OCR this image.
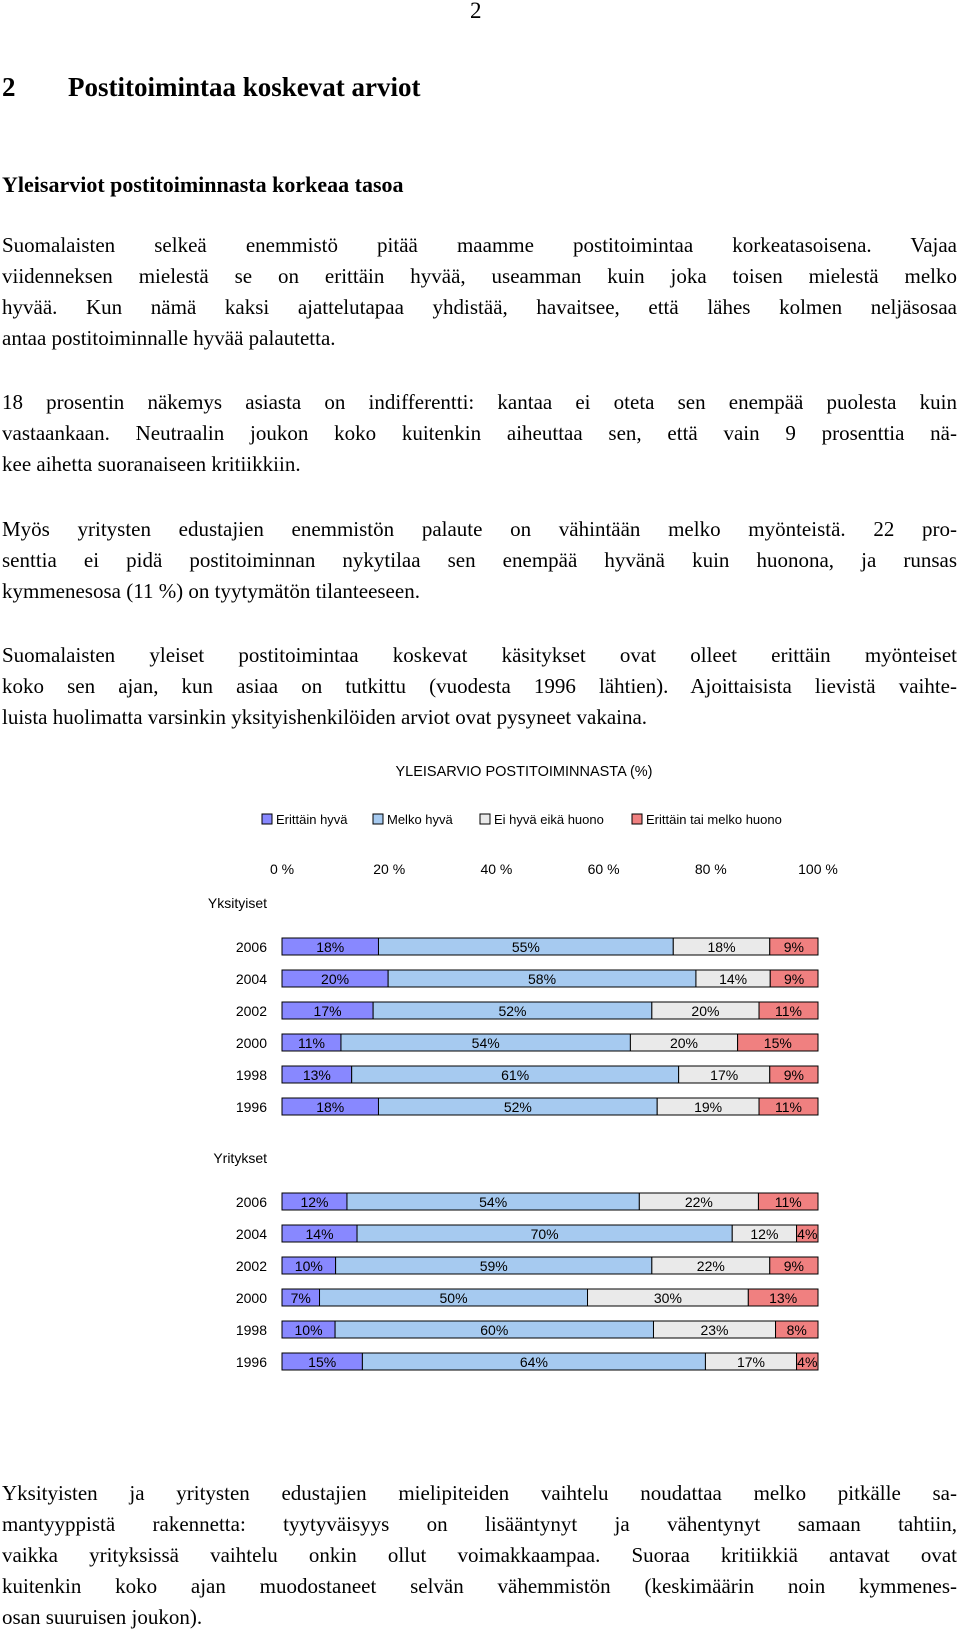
2
2 Postitoimintaa koskevat arviot
Yleisarviot postitoiminnasta korkeaa tasoa
Suomalaisten selkeä enemmistö pitää maamme postitoimintaa korkeatasoisena. Vajaa
viidenneksen mielestä se on erittäin hyvää, useamman kuin joka toisen mielestä melko
hyvää. Kun nämä kaksi ajattelutapaa yhdistää, havaitsee, että lähes kolmen neljäsosaa
antaa postitoiminnalle hyvää palautetta.
18 prosentin näkemys asiasta on indifferentti: kantaa ei oteta sen enempää puolesta kuin
vastaankaan. Neutraalin joukon koko kuitenkin aiheuttaa sen, että vain 9 prosenttia nä-
kee aihetta suoranaiseen kritiikkiin.
Myös yritysten edustajien enemmistön palaute on vähintään melko myönteistä. 22 pro-
senttia ei pidä postitoiminnan nykytilaa sen enempää hyvänä kuin huonona, ja runsas
kymmenesosa (11 %) on tyytymätön tilanteeseen.
Suomalaisten yleiset postitoimintaa koskevat käsitykset ovat olleet erittäin myönteiset
koko sen ajan, kun asiaa on tutkittu (vuodesta 1996 lähtien). Ajoittaisista lievistä vaihte-
luista huolimatta varsinkin yksityishenkilöiden arviot ovat pysyneet vakaina.
YLEISARVIO POSTITOIMINNASTA (%)
Erittäin hyvä	Melko hyvä	Ei hyvä eikä huono	Erittäin tai melko huono
0 %	20 %	40 %	60 %	80 %	100 %
Yksityiset
2006	18%	55%	18%	9%
2004	20%	58%	14%	9%
2002	17%	52%	20%	11%
2000 11%	54%	20%	15%
1998	13%	61%	17%	9%
1996	18%	52%	19%	11%
Yritykset
2006 12%	54%	22%	11%
2004	14%	70%	12% 4%
2002 10%	59%	22%	9%
2000 7%	50%	30%	13%
1998 10%	60%	23%	8%
1996	15%	64%	17% 4%
Yksityisten ja yritysten edustajien mielipiteiden vaihtelu noudattaa melko pitkälle sa-
mantyyppistä rakennetta: tyytyväisyys on lisääntynyt ja vähentynyt samaan tahtiin,
vaikka yrityksissä vaihtelu onkin ollut voimakkaampaa. Suoraa kritiikkiä antavat ovat
kuitenkin koko ajan muodostaneet selvän vähemmistön (keskimäärin noin kymmenes-
osan suuruisen joukon).
